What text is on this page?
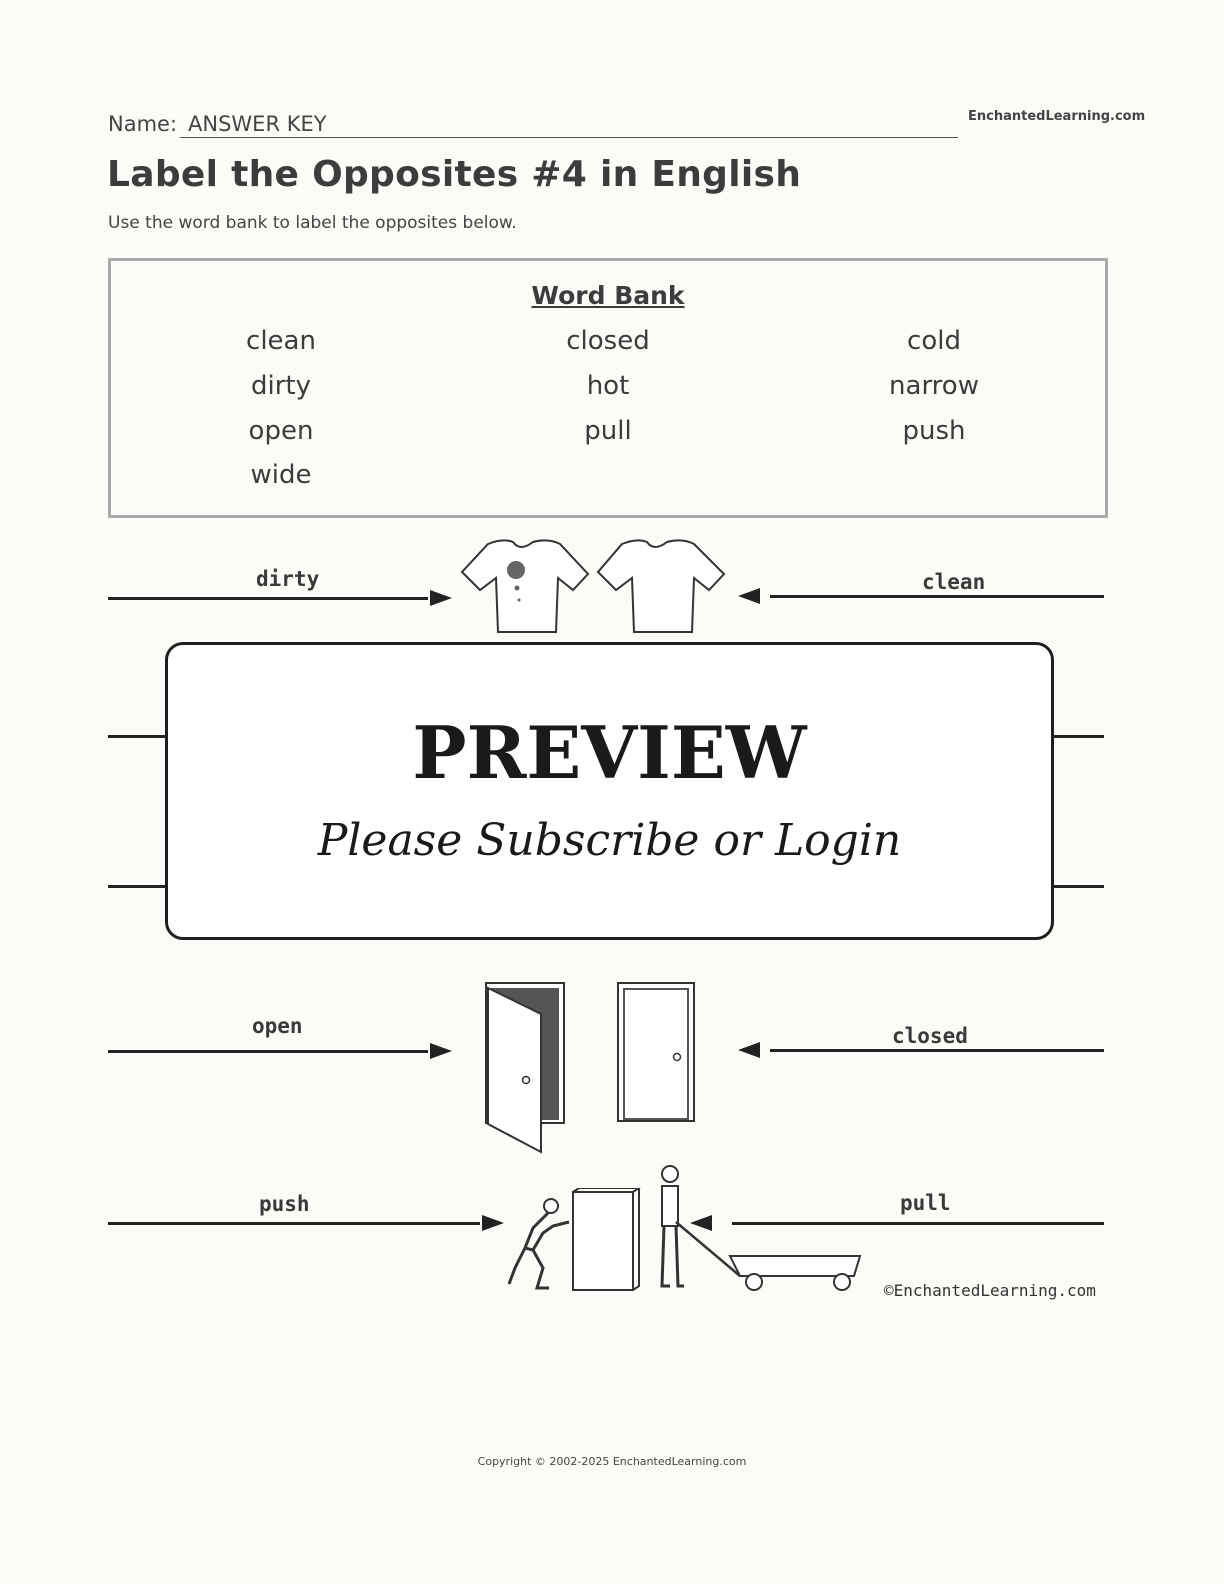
Name: ANSWER KEY	EnchantedLearning.com
Label the Opposites #4 in English
Use the word bank to label the opposites below.
Word Bank
clean	closed	cold
dirty	hot	narrow
open	pull	push
wide
dirty	clean
PREVIEW
Please Subscribe or Login
open	closed
push	pull
©EnchantedLearning.com
Copyright © 2002-2025 EnchantedLearning.com
